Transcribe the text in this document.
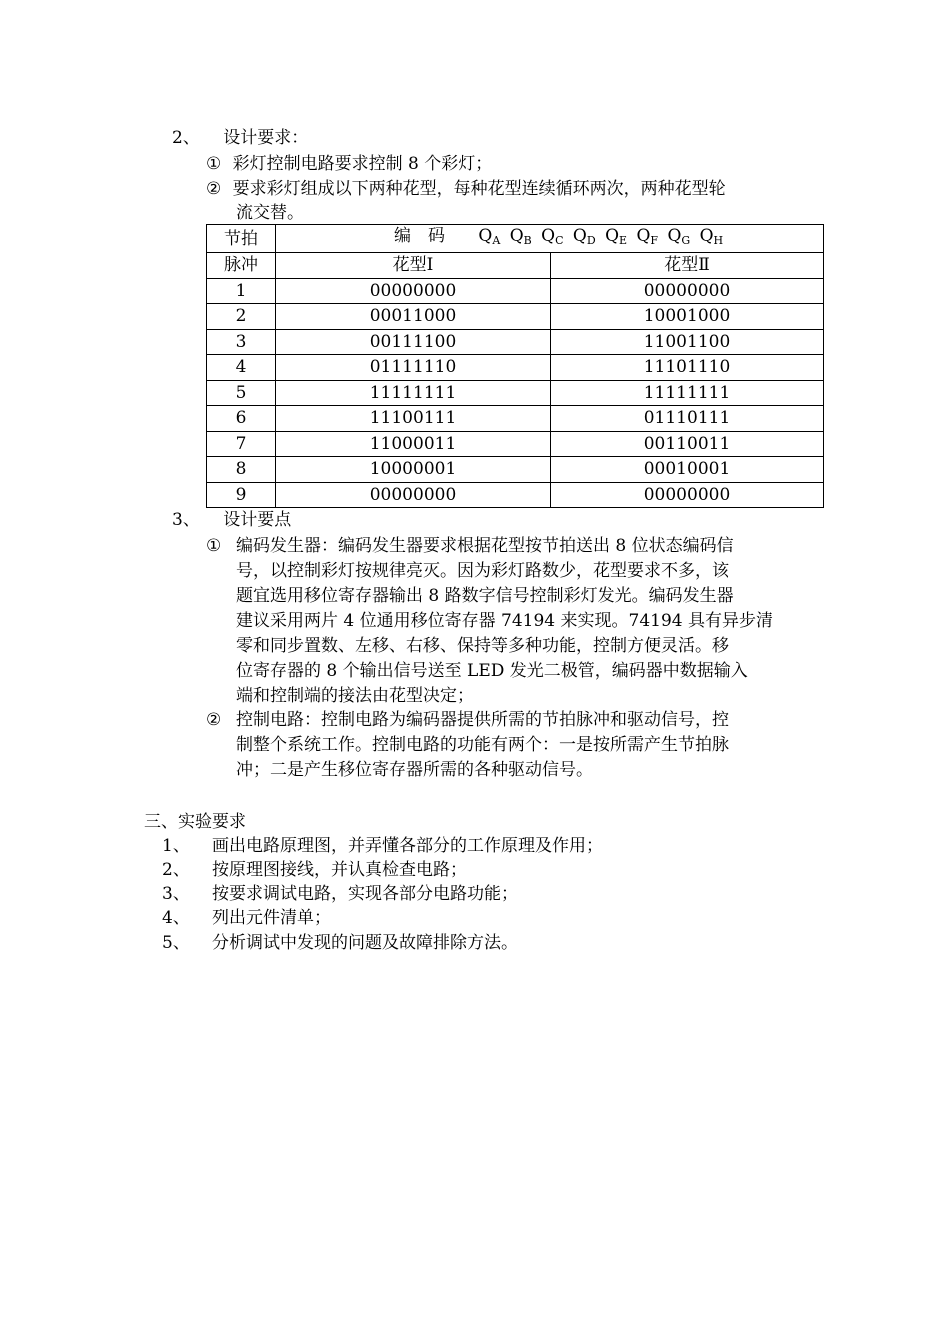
2、 设计要求：
① 彩灯控制电路要求控制 8 个彩灯；
② 要求彩灯组成以下两种花型，每种花型连续循环两次，两种花型轮
流交替。
节拍	编　码 $Q_A$ $Q_B$ $Q_C$ $Q_D$ $Q_E$ $Q_F$ $Q_G$ $Q_H$
脉冲	花型Ⅰ	花型Ⅱ
1	00000000	00000000
2	00011000	10001000
3	00111100	11001100
4	01111110	11101110
5	11111111	11111111
6	11100111	01110111
7	11000011	00110011
8	10000001	00010001
9	00000000	00000000
3、 设计要点
① 编码发生器：编码发生器要求根据花型按节拍送出 8 位状态编码信
号，以控制彩灯按规律亮灭。因为彩灯路数少，花型要求不多，该
题宜选用移位寄存器输出 8 路数字信号控制彩灯发光。编码发生器
建议采用两片 4 位通用移位寄存器 74194 来实现。74194 具有异步清
零和同步置数、左移、右移、保持等多种功能，控制方便灵活。移
位寄存器的 8 个输出信号送至 LED 发光二极管，编码器中数据输入
端和控制端的接法由花型决定；
② 控制电路：控制电路为编码器提供所需的节拍脉冲和驱动信号，控
制整个系统工作。控制电路的功能有两个：一是按所需产生节拍脉
冲；二是产生移位寄存器所需的各种驱动信号。
三、实验要求
1、 画出电路原理图，并弄懂各部分的工作原理及作用；
2、 按原理图接线，并认真检查电路；
3、 按要求调试电路，实现各部分电路功能；
4、 列出元件清单；
5、 分析调试中发现的问题及故障排除方法。
